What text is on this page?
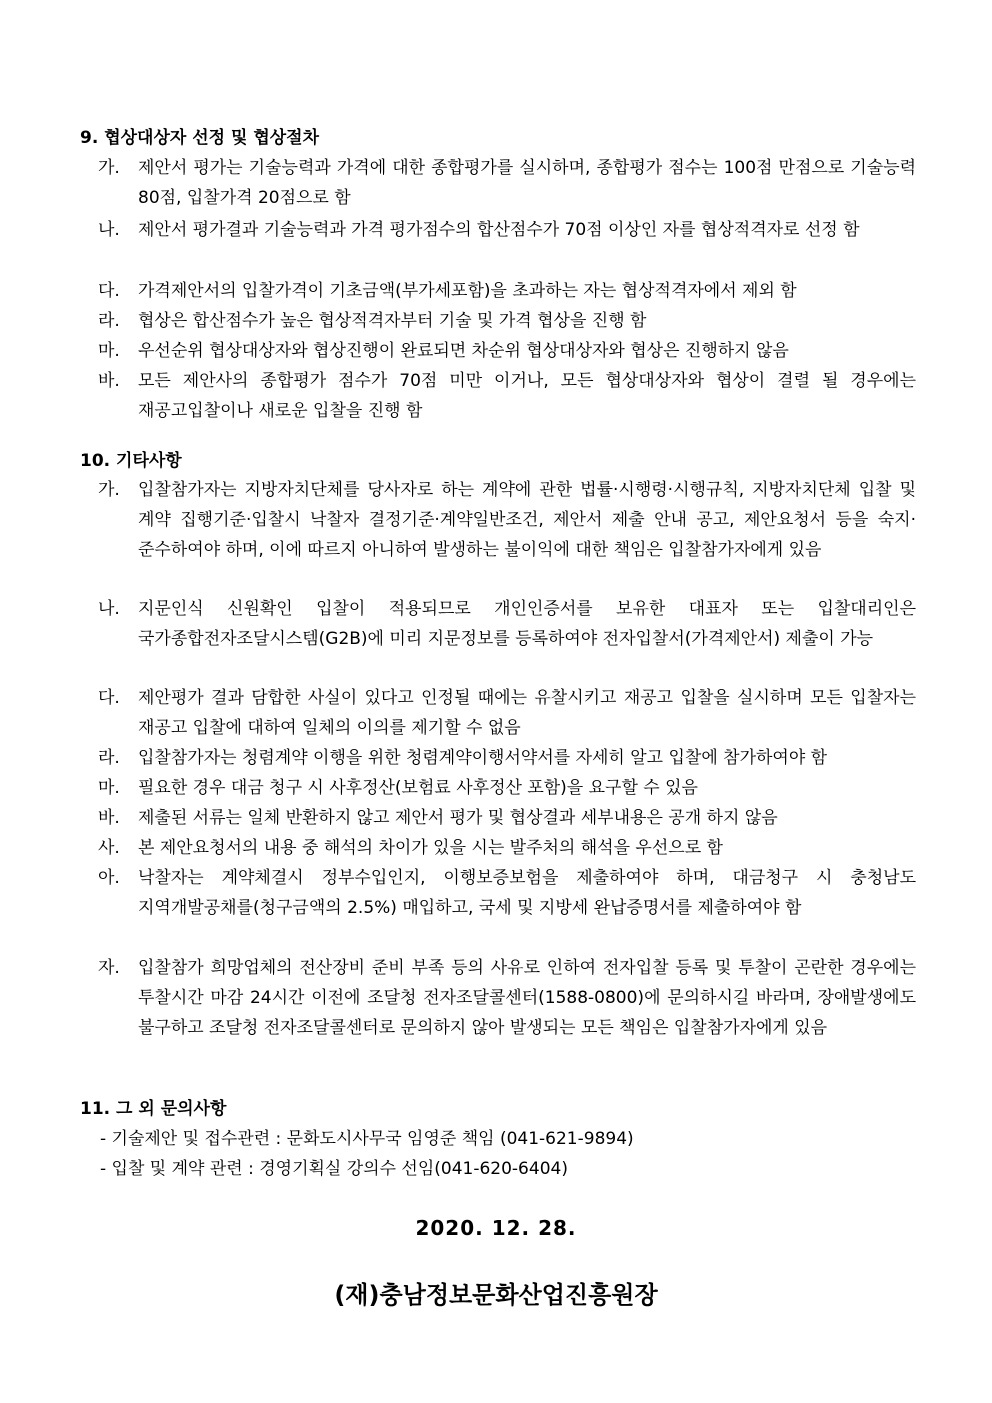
9. 협상대상자 선정 및 협상절차
가. 제안서 평가는 기술능력과 가격에 대한 종합평가를 실시하며, 종합평가 점수는 100점 만점으로 기술능력 80점, 입찰가격 20점으로 함
나. 제안서 평가결과 기술능력과 가격 평가점수의 합산점수가 70점 이상인 자를 협상적격자로 선정 함
다. 가격제안서의 입찰가격이 기초금액(부가세포함)을 초과하는 자는 협상적격자에서 제외 함
라. 협상은 합산점수가 높은 협상적격자부터 기술 및 가격 협상을 진행 함
마. 우선순위 협상대상자와 협상진행이 완료되면 차순위 협상대상자와 협상은 진행하지 않음
바. 모든 제안사의 종합평가 점수가 70점 미만 이거나, 모든 협상대상자와 협상이 결렬 될 경우에는 재공고입찰이나 새로운 입찰을 진행 함
10. 기타사항
가. 입찰참가자는 지방자치단체를 당사자로 하는 계약에 관한 법률·시행령·시행규칙, 지방자치단체 입찰 및 계약 집행기준·입찰시 낙찰자 결정기준·계약일반조건, 제안서 제출 안내 공고, 제안요청서 등을 숙지·준수하여야 하며, 이에 따르지 아니하여 발생하는 불이익에 대한 책임은 입찰참가자에게 있음
나. 지문인식 신원확인 입찰이 적용되므로 개인인증서를 보유한 대표자 또는 입찰대리인은 국가종합전자조달시스템(G2B)에 미리 지문정보를 등록하여야 전자입찰서(가격제안서) 제출이 가능
다. 제안평가 결과 담합한 사실이 있다고 인정될 때에는 유찰시키고 재공고 입찰을 실시하며 모든 입찰자는 재공고 입찰에 대하여 일체의 이의를 제기할 수 없음
라. 입찰참가자는 청렴계약 이행을 위한 청렴계약이행서약서를 자세히 알고 입찰에 참가하여야 함
마. 필요한 경우 대금 청구 시 사후정산(보험료 사후정산 포함)을 요구할 수 있음
바. 제출된 서류는 일체 반환하지 않고 제안서 평가 및 협상결과 세부내용은 공개 하지 않음
사. 본 제안요청서의 내용 중 해석의 차이가 있을 시는 발주처의 해석을 우선으로 함
아. 낙찰자는 계약체결시 정부수입인지, 이행보증보험을 제출하여야 하며, 대금청구 시 충청남도 지역개발공채를(청구금액의 2.5%) 매입하고, 국세 및 지방세 완납증명서를 제출하여야 함
자. 입찰참가 희망업체의 전산장비 준비 부족 등의 사유로 인하여 전자입찰 등록 및 투찰이 곤란한 경우에는 투찰시간 마감 24시간 이전에 조달청 전자조달콜센터(1588-0800)에 문의하시길 바라며, 장애발생에도 불구하고 조달청 전자조달콜센터로 문의하지 않아 발생되는 모든 책임은 입찰참가자에게 있음
11. 그 외 문의사항
- 기술제안 및 접수관련 : 문화도시사무국 임영준 책임 (041-621-9894)
- 입찰 및 계약 관련 : 경영기획실 강의수 선임(041-620-6404)
2020. 12. 28.
(재)충남정보문화산업진흥원장
